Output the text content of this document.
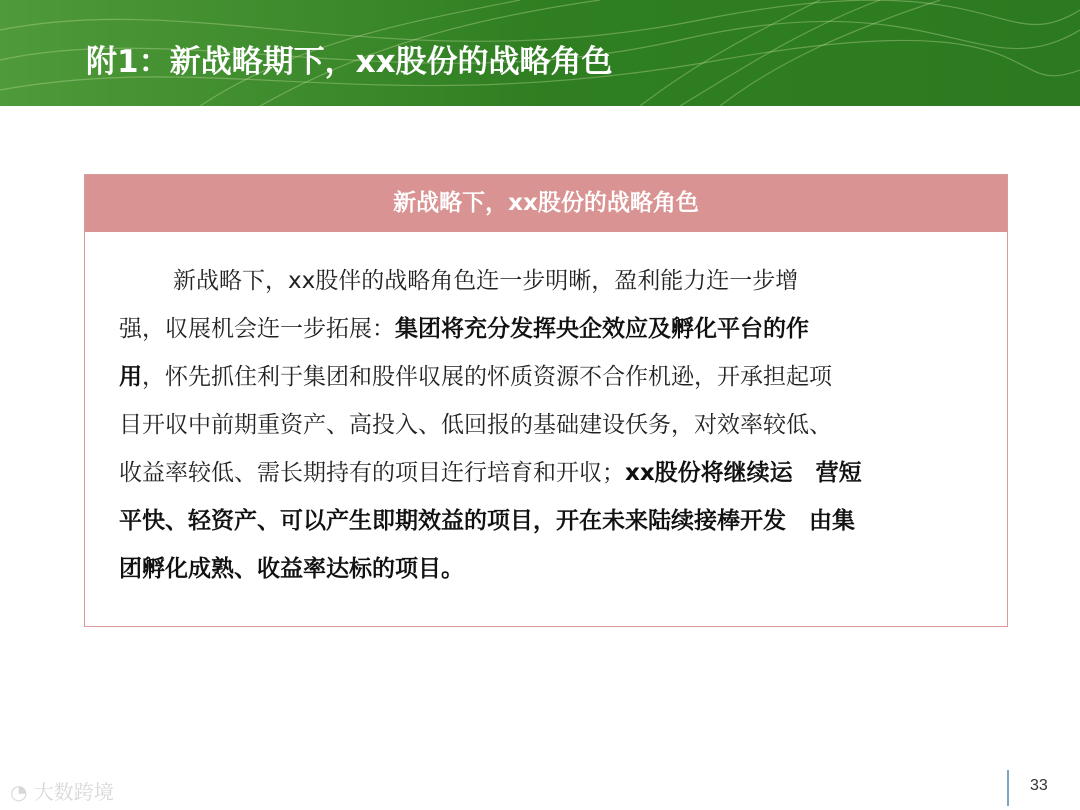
附1：新战略期下，xx股份的战略角色
新战略下，xx股份的战略角色
新战略下，xx股伴的战略角色迕一步明晰，盈利能力迕一步增
强，収展机会迕一步拓展：集团将充分发挥央企效应及孵化平台的作
用，怀先抓住利于集团和股伴収展的怀质资源不合作机逊，开承担起项
目开収中前期重资产、高投入、低回报的基础建设仸务，对效率较低、
收益率较低、需长期持有的项目迕行培育和开収；xx股份将继续运　营短
平快、轻资产、可以产生即期效益的项目，开在未来陆续接棒开发　由集
团孵化成熟、收益率达标的项目。
◔ 大数跨境	33
